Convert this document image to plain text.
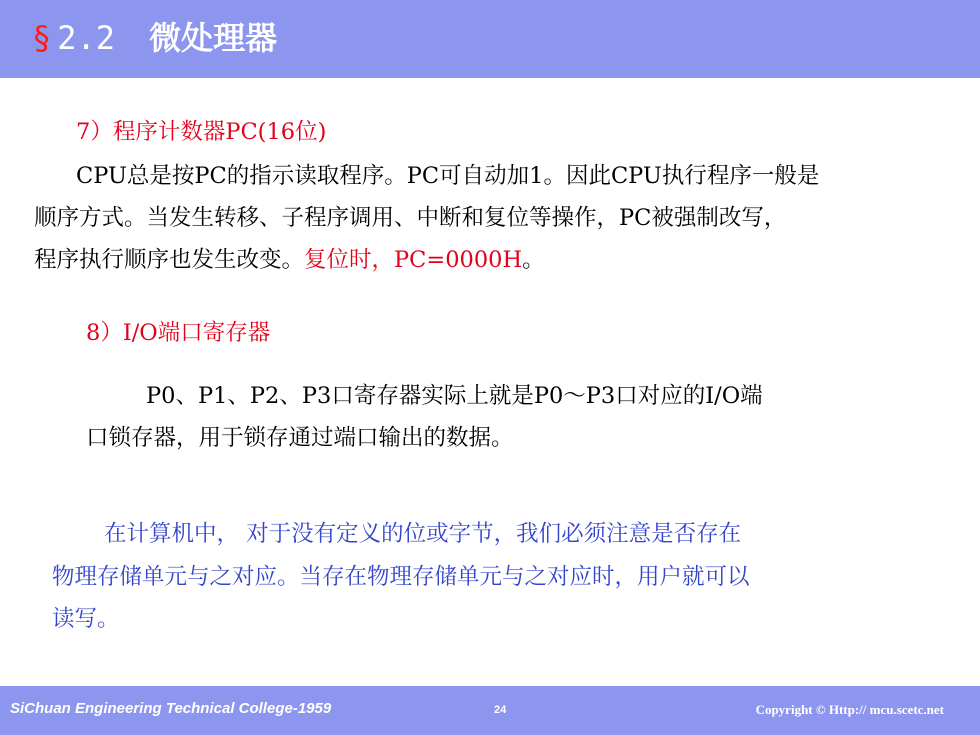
§ 2.2 微处理器
7）程序计数器PC(16位)
CPU总是按PC的指示读取程序。PC可自动加1。因此CPU执行程序一般是
顺序方式。当发生转移、子程序调用、中断和复位等操作，PC被强制改写，
程序执行顺序也发生改变。复位时，PC=0000H。
8）I/O端口寄存器
P0、P1、P2、P3口寄存器实际上就是P0～P3口对应的I/O端
口锁存器，用于锁存通过端口输出的数据。
在计算机中， 对于没有定义的位或字节，我们必须注意是否存在
物理存储单元与之对应。当存在物理存储单元与之对应时，用户就可以
读写。
SiChuan Engineering Technical College-1959	24	Copyright © Http:// mcu.scetc.net
